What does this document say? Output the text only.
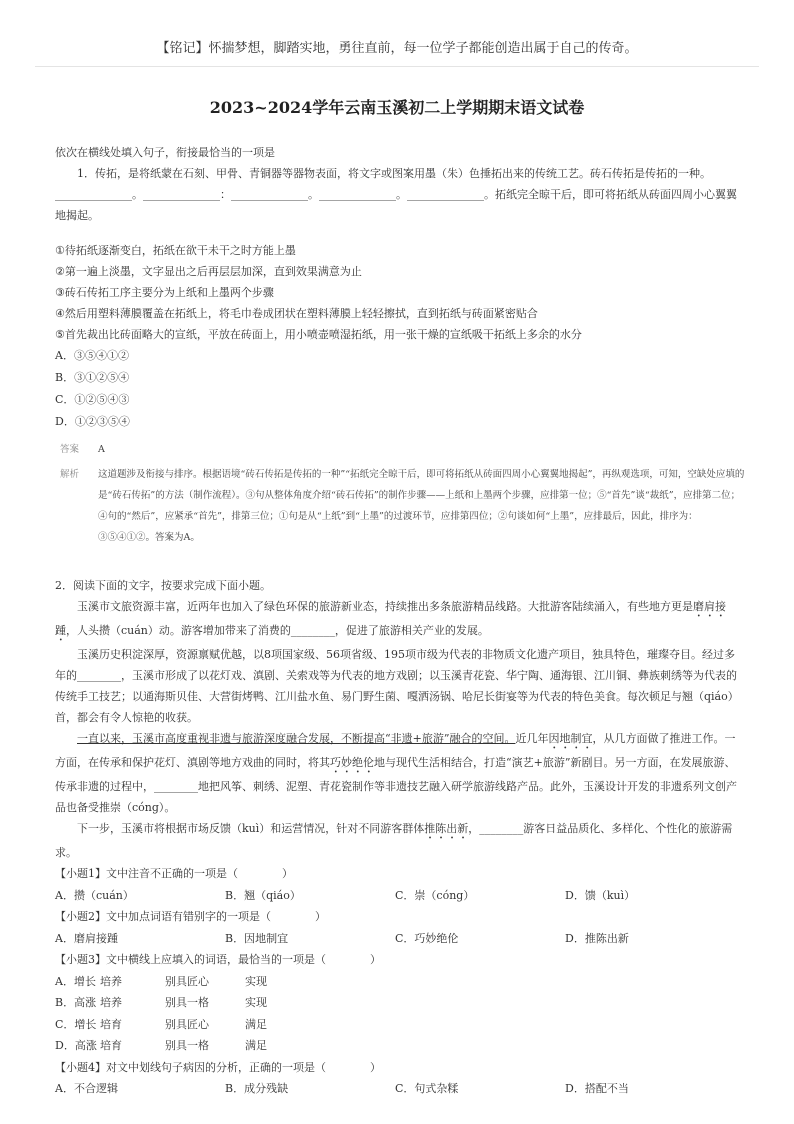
【铭记】怀揣梦想，脚踏实地，勇往直前，每一位学子都能创造出属于自己的传奇。
2023~2024学年云南玉溪初二上学期期末语文试卷

依次在横线处填入句子，衔接最恰当的一项是

1．传拓，是将纸蒙在石刻、甲骨、青铜器等器物表面，将文字或图案用墨（朱）色捶拓出来的传统工艺。砖石传拓是传拓的一种。______________。______________：______________。______________。______________。拓纸完全晾干后，即可将拓纸从砖面四周小心翼翼地揭起。

①待拓纸逐渐变白，拓纸在欲干未干之时方能上墨

②第一遍上淡墨，文字显出之后再层层加深，直到效果满意为止

③砖石传拓工序主要分为上纸和上墨两个步骤

④然后用塑料薄膜覆盖在拓纸上，将毛巾卷成团状在塑料薄膜上轻轻擦拭，直到拓纸与砖面紧密贴合

⑤首先裁出比砖面略大的宣纸，平放在砖面上，用小喷壶喷湿拓纸，用一张干燥的宣纸吸干拓纸上多余的水分

A．③⑤④①②

B．③①②⑤④

C．①②⑤④③

D．①②③⑤④

答案	A
解析	这道题涉及衔接与排序。根据语境“砖石传拓是传拓的一种”“拓纸完全晾干后，即可将拓纸从砖面四周小心翼翼地揭起”，再纵观选项，可知，空缺处应填的是“砖石传拓”的方法（制作流程）。③句从整体角度介绍“砖石传拓”的制作步骤——上纸和上墨两个步骤，应排第一位；⑤“首先”谈“裁纸”，应排第二位；④句的“然后”，应紧承“首先”，排第三位；①句是从“上纸”到“上墨”的过渡环节，应排第四位；②句谈如何“上墨”，应排最后，因此，排序为：③⑤④①②。答案为A。

2．阅读下面的文字，按要求完成下面小题。

玉溪市文旅资源丰富，近两年也加入了绿色环保的旅游新业态，持续推出多条旅游精品线路。大批游客陆续涌入，有些地方更是磨肩接踵，人头攒（cuán）动。游客增加带来了消费的________，促进了旅游相关产业的发展。

玉溪历史积淀深厚，资源禀赋优越，以8项国家级、56项省级、195项市级为代表的非物质文化遗产项目，独具特色，璀璨夺目。经过多年的________，玉溪市形成了以花灯戏、滇剧、关索戏等为代表的地方戏剧；以玉溪青花瓷、华宁陶、通海银、江川铜、彝族刺绣等为代表的传统手工技艺；以通海斯贝佳、大营街烤鸭、江川盐水鱼、易门野生菌、嘎洒汤锅、哈尼长街宴等为代表的特色美食。每次顿足与翘（qiáo）首，都会有令人惊艳的收获。

一直以来，玉溪市高度重视非遗与旅游深度融合发展，不断提高“非遗+旅游”融合的空间。近几年因地制宜，从几方面做了推进工作。一方面，在传承和保护花灯、滇剧等地方戏曲的同时，将其巧妙绝伦地与现代生活相结合，打造“演艺+旅游”新剧目。另一方面，在发展旅游、传承非遗的过程中，________地把风筝、刺绣、泥塑、青花瓷制作等非遗技艺融入研学旅游线路产品。此外，玉溪设计开发的非遗系列文创产品也备受推崇（cóng）。

下一步，玉溪市将根据市场反馈（kuì）和运营情况，针对不同游客群体推陈出新，________游客日益品质化、多样化、个性化的旅游需求。

【小题1】文中注音不正确的一项是（　　　　）

A．攒（cuán）	B．翘（qiáo）	C．崇（cóng）	D．馈（kuì）

【小题2】文中加点词语有错别字的一项是（　　　　）

A．磨肩接踵	B．因地制宜	C．巧妙绝伦	D．推陈出新

【小题3】文中横线上应填入的词语，最恰当的一项是（　　　　）

A．增长 培养	别具匠心	实现
B．高涨 培养	别具一格	实现
C．增长 培育	别具匠心	满足
D．高涨 培育	别具一格	满足

【小题4】对文中划线句子病因的分析，正确的一项是（　　　　）

A．不合逻辑	B．成分残缺	C．句式杂糅	D．搭配不当
